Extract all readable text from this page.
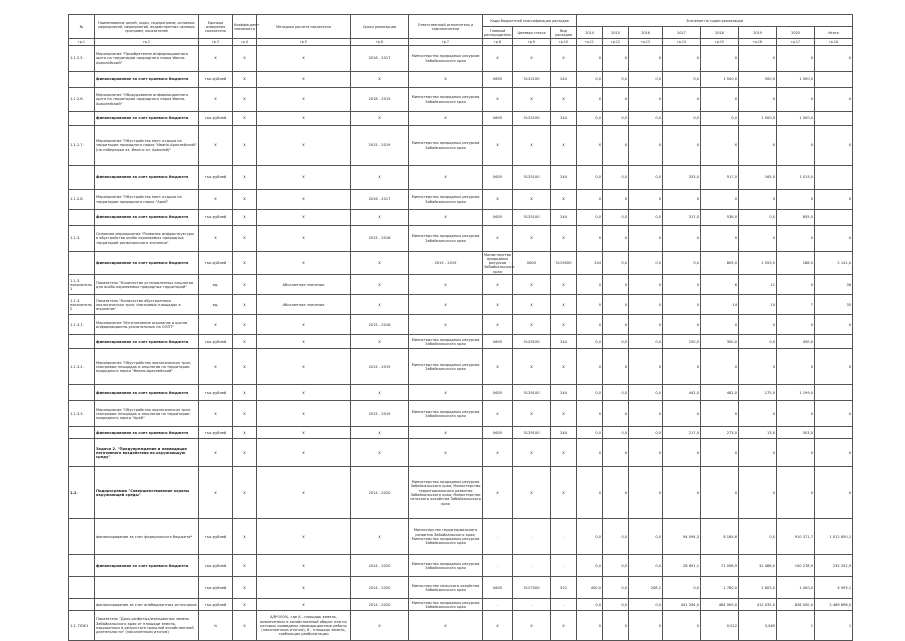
№	Наименование целей, задач, подпрограмм, основных мероприятий, мероприятий, ведомственных целевых программ, показателей	Единица измерения показателя	Коэффициент значимости	Методика расчета показателя	Сроки реализации	Ответственный исполнитель и соисполнители	Коды бюджетной классификации расходов			Значение по годам реализации							
							Главный распорядитель	Целевая статья	Вид расходов	2014	2015	2016	2017	2018	2019	2020	Итого

гр.1	гр.2	гр.3	гр.4	гр.5	гр.6	гр.7	гр.8	гр.9	гр.10	гр.11	гр.12	гр.13	гр.14	гр.15	гр.16	гр.17	гр.18
1.1.2.5.	Мероприятие "Приобретение информационного щита на территории природного парка Ивано-Арахлейский"	X	X	X	2016 - 2017	Министерство природных ресурсов Забайкальского края	X	X	X	X	X	X	X	X	X	X	X
	финансирование за счет краевого бюджета	тыс.рублей	X	X	X	X	0605	5125100	244	0,0	0,0	0,0	0,0	1 500,0	500,0	1 500,0	
1.1.2.6.	Мероприятие "Оборудование информационного щита на территории природного парка Ивано-Арахлейский"	X	X	X	2018 - 2019	Министерство природных ресурсов Забайкальского края	X	X	X	X	X	X	X	X	X	X	X
	финансирование за счет краевого бюджета	тыс.рублей	X	X	X	X	0605	5125100	244	0,0	0,0	0,0	0,0	0,0	1 500,0	1 500,0	
1.1.2.7.	Мероприятие "Обустройство мест отдыха на территории природного парка "Ивано-Арахлейский" (на побережье оз. Иван и оз. Арахлей)"	X	X	X	2015 - 2019	Министерство природных ресурсов Забайкальского края	X	X	X	X	X	X	X	X	X	X	X
	финансирование за счет краевого бюджета	тыс.рублей	X	X	X	X	0605	5125100	244	0,0	0,0	0,0	333,0	517,0	165,0	1 015,0	
1.1.2.8.	Мероприятие "Обустройство мест отдыха на территории природного парка "Арей"	X	X	X	2016 - 2017	Министерство природных ресурсов Забайкальского края	X	X	X	X	X	X	X	X	X	X	X
	финансирование за счет краевого бюджета	тыс.рублей	X	X	X	X	0605	5125100	244	0,0	0,0	0,0	317,0	538,0	0,0	855,0	
1.1.3.	Основное мероприятие "Развитие инфраструктуры в обустройство особо охраняемых природных территорий регионального значения"	X	X	X	2015 - 2016	Министерство природных ресурсов Забайкальского края	X	X	X	X	X	X	X	X	X	X	X
	финансирование за счет краевого бюджета	тыс.рублей	X	X	X	2015 - 2019	Министерство природных ресурсов Забайкальского края	0605	5129000	244	0,0	0,0	0,0	809,0	1 055,0	188,0	2 141,0
1.1.3. показатель 1	Показатель "Количество установленных аншлагов для особо охраняемых природных территорий"	ед.	X	Абсолютное значение	X	X	X	X	X	0	0	0	0	6	11	0	36
1.1.3. показатель 2	Показатель "Количество обустроенных экологических троп, смотровых площадок в аншлагов"	ед.	X	Абсолютное значение	X	X	X	X	X	0	0	0	0	14	14	7	35
1.1.3.1.	Мероприятие "Изготовление аншлагов и щитов информационно-указательных на ООПТ"	X	X	X	2015 - 2016	X	X	X	X	X	X	X	X	X	X	X	X
	финансирование за счет краевого бюджета	тыс.рублей	X	X	X	Министерство природных ресурсов Забайкальского края	0605	5129100	244	0,0	0,0	0,0	150,0	300,0	0,0	450,0	
1.1.3.2.	Мероприятие "Обустройство экологических троп, смотровых площадок и аншлагов на территории природного парка "Ивано-Арахлейский"	X	X	X	2015 - 2019	Министерство природных ресурсов Забайкальского края	X	X	X	X	X	X	X	X	X	X	X
	финансирование за счет краевого бюджета	тыс.рублей	X	X	X	X	0605	5129100	244	0,0	0,0	0,0	442,0	482,0	175,0	1 199,0	
1.1.3.3.	Мероприятие "Обустройство экологических троп, смотровых площадок и аншлагов на территории природного парка "Арей"	X	X	X	2015 - 2019	Министерство природных ресурсов Забайкальского края	X	X	X	X	X	X	X	X	X	X	X
	финансирование за счет краевого бюджета	тыс.рублей	X	X	X	X	0605	5129100	244	0,0	0,0	0,0	217,0	273,0	13,0	503,0	
	Задача 2. "Предупреждение и ликвидация негативного воздействия на окружающую среду"	X	X	X	X	X	X	X	X	X	X	X	X	X	X	X	X
1.2.	Подпрограмма "Совершенствование охраны окружающей среды"	X	X	X	2014 - 2020	Министерство природных ресурсов Забайкальского края; Министерство территориального развития Забайкальского края; Министерство сельского хозяйства Забайкальского края	X	X	X	X	X	X	X	X	X	X	X
	финансирование за счет федерального бюджета*	тыс.рублей	X	X	X	Министерство территориального развития Забайкальского края; Министерство природных ресурсов Забайкальского края	-	-	-	0,0	0,0	0,0	94 094,3	8 184,6	0,0	910 371,7	1 012 650,1
	финансирование за счет краевого бюджета	тыс.рублей	X	X	2014 - 2020	Министерство природных ресурсов Забайкальского края	-	-	-	0,0	0,0	0,0	28 691,1	71 096,9	32 486,0	100 278,9	232 552,9
		тыс.рублей	X	X	2014 - 2020	Министерство сельского хозяйства Забайкальского края	0605	5127000	522	400,0	0,0	208,1	0,0	1 780,0	1 605,0	1 000,0	4 993,1
	финансирование за счет внебюджетных источников	тыс.рублей	X	X	2014 - 2020	Министерство природных ресурсов Забайкальского края	-	-	-	0,0	0,0	0,0	441 294,0	484 900,0	412 035,0	826 000,0	2 489 898,0
1.2. ПОК1	Показатель "Доля разбитых/изношенных земель Забайкальского края от площади земель, нарушенных в результате прошлой хозяйственной деятельности" (накопленным итогом)	%	X	А/В*100%, где А - площадь земель, вовлеченных в хозяйственный оборот или на которых проведены ликвидационные работы (накопленным итогом); В - площадь земель, требующих реабилитации	X	X	X	X	X	0	0	0	0	0,012	0,065	1	1
